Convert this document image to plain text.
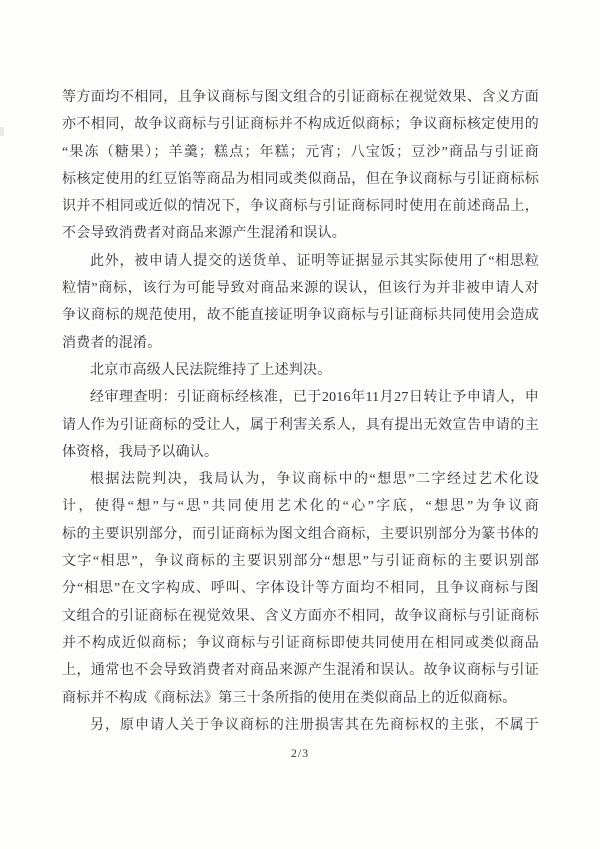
等方面均不相同，且争议商标与图文组合的引证商标在视觉效果、含义方面
亦不相同，故争议商标与引证商标并不构成近似商标；争议商标核定使用的
“果冻（糖果）；羊羹；糕点；年糕；元宵；八宝饭；豆沙”商品与引证商
标核定使用的红豆馅等商品为相同或类似商品，但在争议商标与引证商标标
识并不相同或近似的情况下，争议商标与引证商标同时使用在前述商品上，
不会导致消费者对商品来源产生混淆和误认。
此外，被申请人提交的送货单、证明等证据显示其实际使用了“相思粒
粒情”商标，该行为可能导致对商品来源的误认，但该行为并非被申请人对
争议商标的规范使用，故不能直接证明争议商标与引证商标共同使用会造成
消费者的混淆。
北京市高级人民法院维持了上述判决。
经审理查明：引证商标经核准，已于2016年11月27日转让予申请人，申
请人作为引证商标的受让人，属于利害关系人，具有提出无效宣告申请的主
体资格，我局予以确认。
根据法院判决，我局认为，争议商标中的“想思”二字经过艺术化设
计，使得“想”与“思”共同使用艺术化的“心”字底，“想思”为争议商
标的主要识别部分，而引证商标为图文组合商标，主要识别部分为篆书体的
文字“相思”，争议商标的主要识别部分“想思”与引证商标的主要识别部
分“相思”在文字构成、呼叫、字体设计等方面均不相同，且争议商标与图
文组合的引证商标在视觉效果、含义方面亦不相同，故争议商标与引证商标
并不构成近似商标；争议商标与引证商标即使共同使用在相同或类似商品
上，通常也不会导致消费者对商品来源产生混淆和误认。故争议商标与引证
商标并不构成《商标法》第三十条所指的使用在类似商品上的近似商标。
另，原申请人关于争议商标的注册损害其在先商标权的主张，不属于
2/3
